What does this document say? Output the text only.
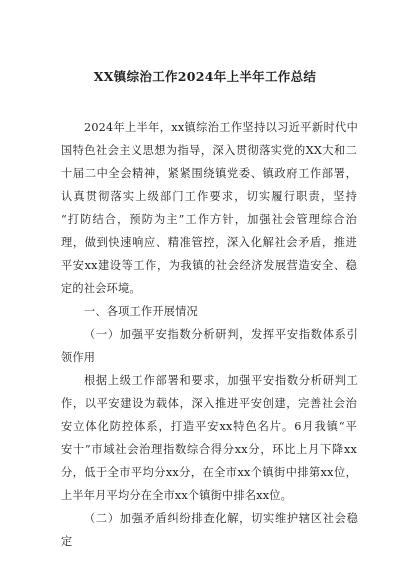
XX镇综治工作2024年上半年工作总结

2024年上半年，xx镇综治工作坚持以习近平新时代中

国特色社会主义思想为指导，深入贯彻落实党的XX大和二

十届二中全会精神，紧紧围绕镇党委、镇政府工作部署，

认真贯彻落实上级部门工作要求，切实履行职责，坚持

“打防结合，预防为主”工作方针，加强社会管理综合治

理，做到快速响应、精准管控，深入化解社会矛盾，推进

平安xx建设等工作，为我镇的社会经济发展营造安全、稳

定的社会环境。

一、各项工作开展情况

（一）加强平安指数分析研判，发挥平安指数体系引

领作用

根据上级工作部署和要求，加强平安指数分析研判工

作，以平安建设为载体，深入推进平安创建，完善社会治

安立体化防控体系，打造平安xx特色名片。6月我镇“平

安十”市域社会治理指数综合得分xx分，环比上月下降xx

分，低于全市平均分xx分，在全市xx个镇街中排第xx位，

上半年月平均分在全市xx个镇街中排名xx位。

（二）加强矛盾纠纷排查化解，切实维护辖区社会稳

定
